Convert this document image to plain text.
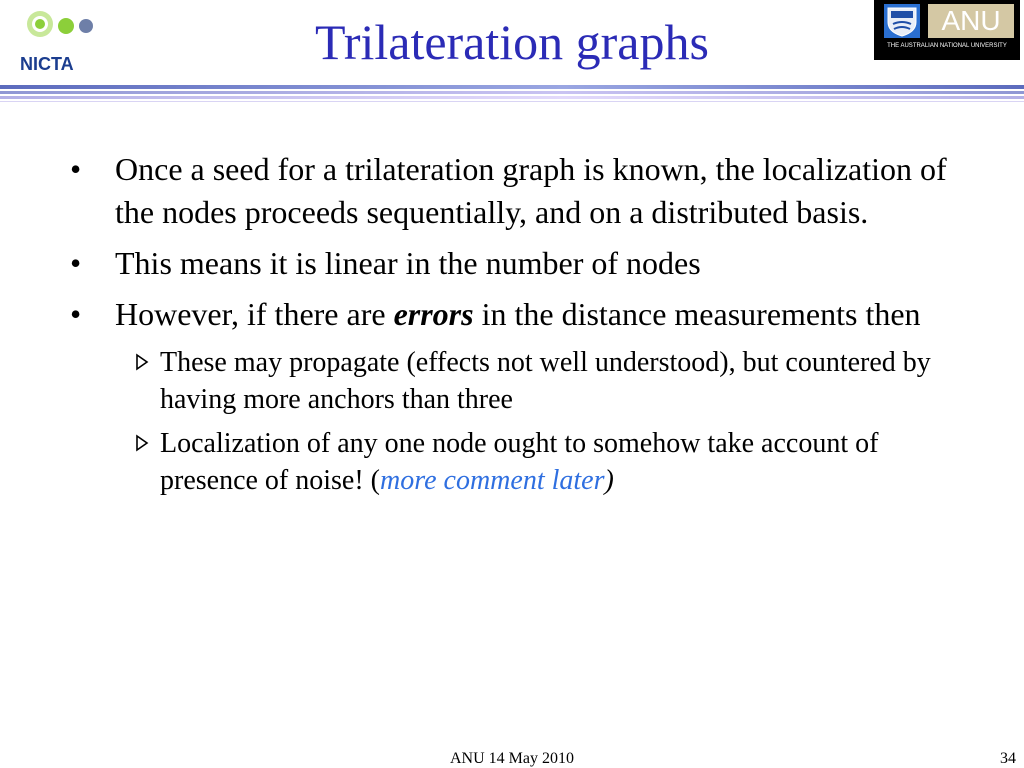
NICTA	Trilateration graphs	ANU
THE AUSTRALIAN NATIONAL UNIVERSITY
•	Once a seed for a trilateration graph is known, the localization of the nodes proceeds sequentially, and on a distributed basis.
•	This means it is linear in the number of nodes
•	However, if there are errors in the distance measurements then
These may propagate (effects not well understood), but countered by having more anchors than three
Localization of any one node ought to somehow take account of presence of noise! (more comment later)
ANU 14 May 2010	34
